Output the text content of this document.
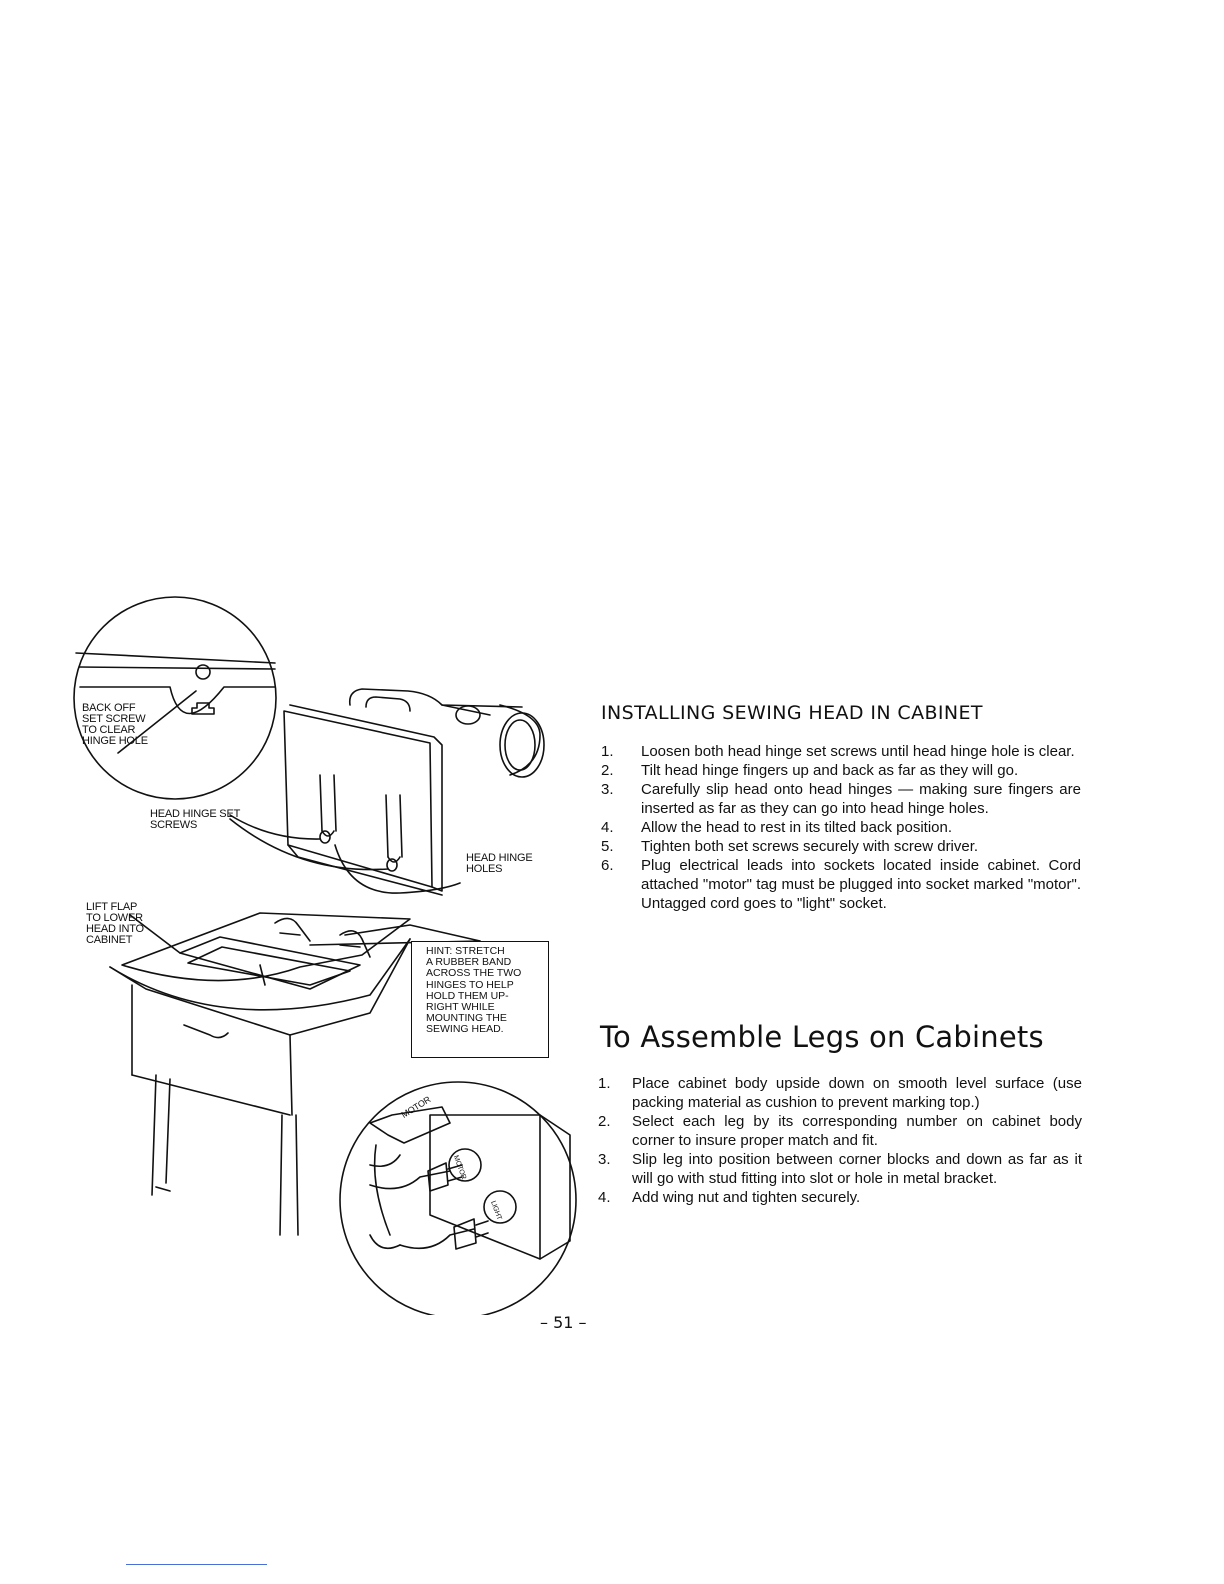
BACK OFF
SET SCREW
TO CLEAR
HINGE HOLE
HEAD HINGE SET
SCREWS
HEAD HINGE
HOLES
LIFT FLAP
TO LOWER
HEAD INTO
CABINET
HINT: STRETCH
A RUBBER BAND
ACROSS THE TWO
HINGES TO HELP
HOLD THEM UP-
RIGHT WHILE
MOUNTING THE
SEWING HEAD.
MOTOR
MOTOR
LIGHT
INSTALLING SEWING HEAD IN CABINET
1. Loosen both head hinge set screws until head hinge hole is clear.
2. Tilt head hinge fingers up and back as far as they will go.
3. Carefully slip head onto head hinges — making sure fingers are inserted as far as they can go into head hinge holes.
4. Allow the head to rest in its tilted back position.
5. Tighten both set screws securely with screw driver.
6. Plug electrical leads into sockets located inside cabinet. Cord attached "motor" tag must be plugged into socket marked "motor". Untagged cord goes to "light" socket.
To Assemble Legs on Cabinets
1. Place cabinet body upside down on smooth level surface (use packing material as cushion to prevent marking top.)
2. Select each leg by its corresponding number on cabinet body corner to insure proper match and fit.
3. Slip leg into position between corner blocks and down as far as it will go with stud fitting into slot or hole in metal bracket.
4. Add wing nut and tighten securely.
– 51 –
